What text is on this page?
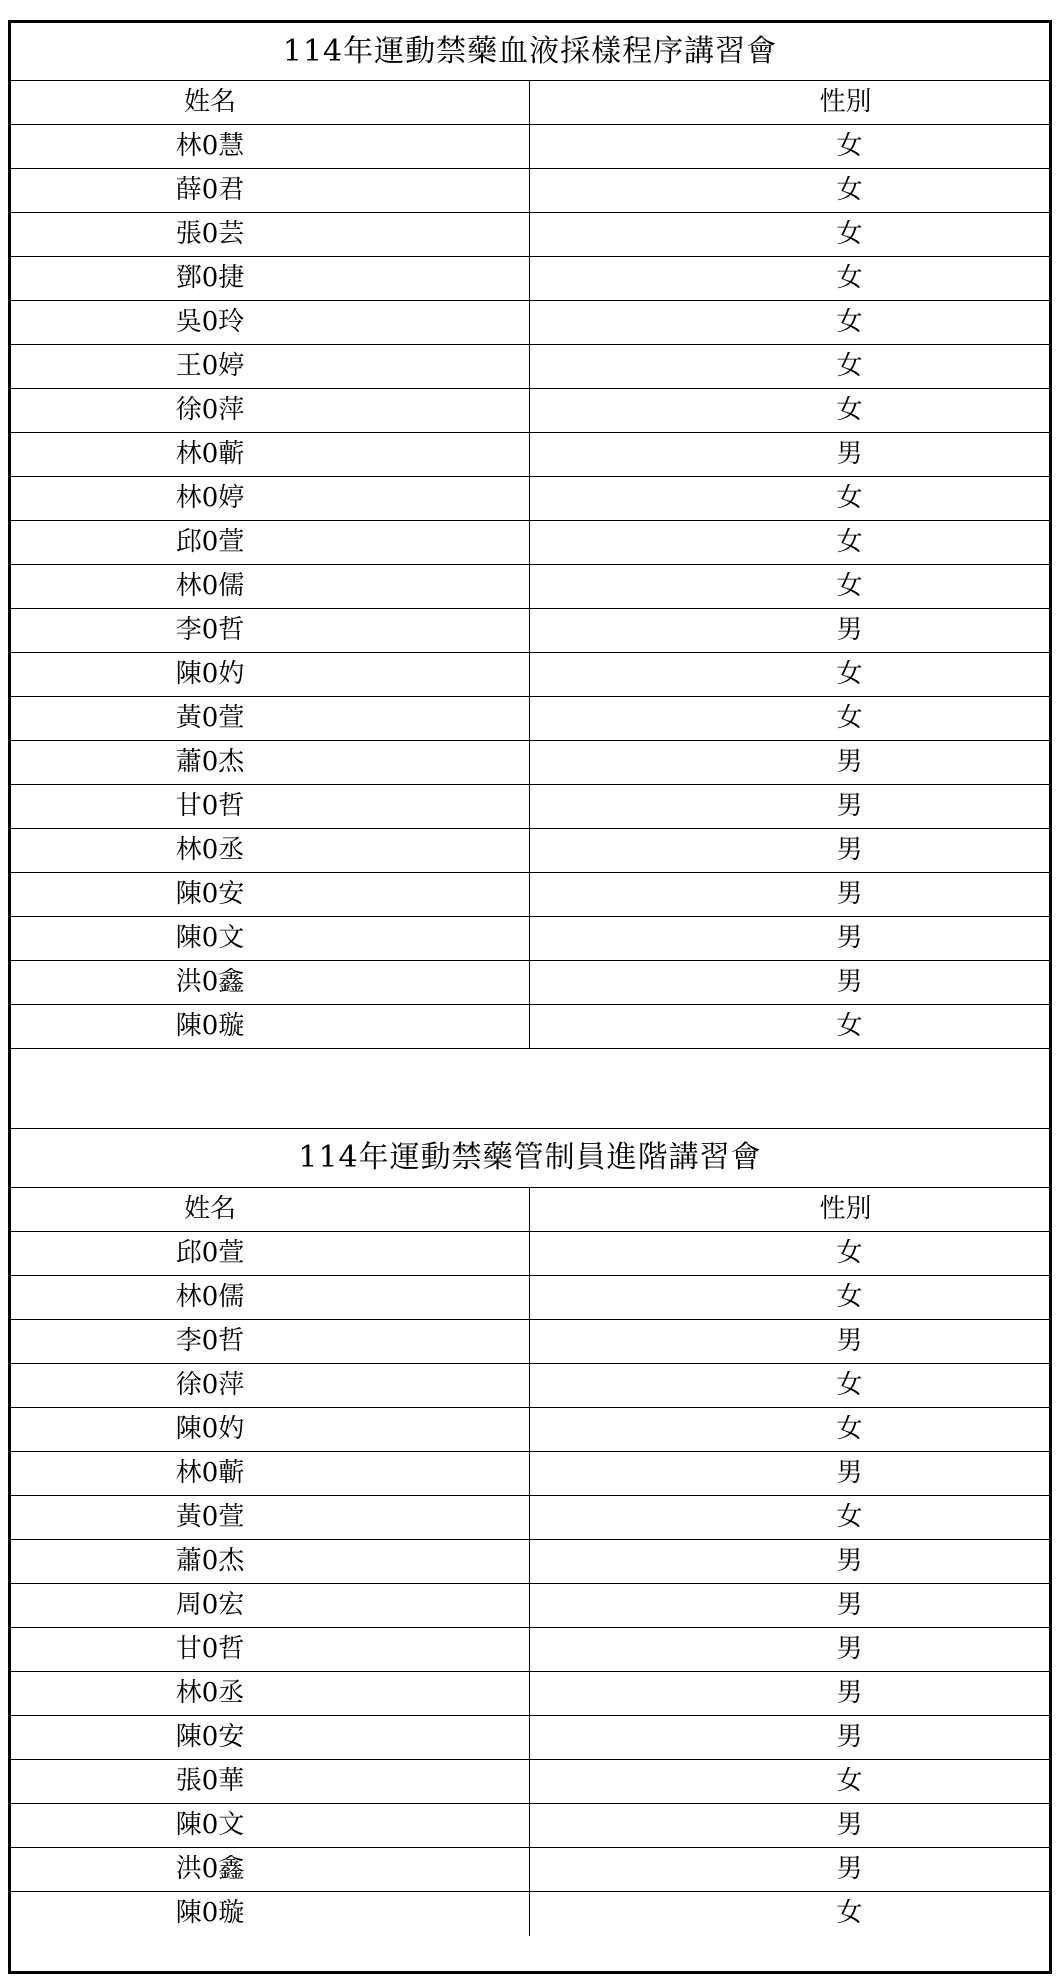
114年運動禁藥血液採樣程序講習會
姓名	性別
林0慧	女
薛0君	女
張0芸	女
鄧0捷	女
吳0玲	女
王0婷	女
徐0萍	女
林0蘄	男
林0婷	女
邱0萱	女
林0儒	女
李0哲	男
陳0妁	女
黃0萱	女
蕭0杰	男
甘0哲	男
林0丞	男
陳0安	男
陳0文	男
洪0鑫	男
陳0璇	女
114年運動禁藥管制員進階講習會
姓名	性別
邱0萱	女
林0儒	女
李0哲	男
徐0萍	女
陳0妁	女
林0蘄	男
黃0萱	女
蕭0杰	男
周0宏	男
甘0哲	男
林0丞	男
陳0安	男
張0華	女
陳0文	男
洪0鑫	男
陳0璇	女
